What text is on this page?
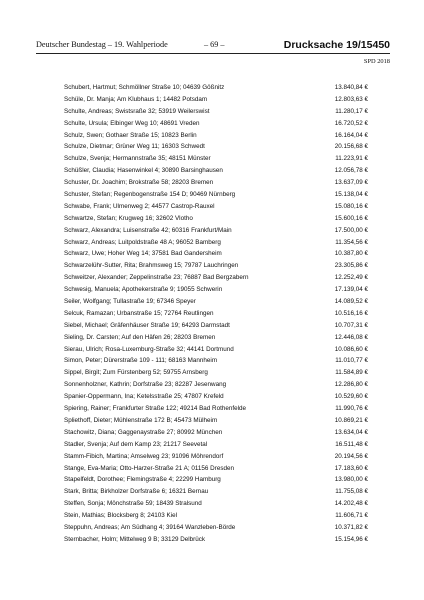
Deutscher Bundestag – 19. Wahlperiode	– 69 –	Drucksache 19/15450
SPD 2018
Schubert, Hartmut; Schmöllner Straße 10; 04639 Gößnitz	13.840,84 €
Schüle, Dr. Manja; Am Klubhaus 1; 14482 Potsdam	12.803,63 €
Schulte, Andreas; Swistsraße 32; 53919 Weilerswist	11.280,17 €
Schulte, Ursula; Elbinger Weg 10; 48691 Vreden	16.720,52 €
Schulz, Swen; Gothaer Straße 15; 10823 Berlin	16.164,04 €
Schulze, Dietmar; Grüner Weg 11; 16303 Schwedt	20.156,68 €
Schulze, Svenja; Hermannstraße 35; 48151 Münster	11.223,91 €
Schüßler, Claudia; Hasenwinkel 4; 30890 Barsinghausen	12.056,78 €
Schuster, Dr. Joachim; Brokstraße 58; 28203 Bremen	13.637,09 €
Schuster, Stefan; Regenbogenstraße 154 D; 90469 Nürnberg	15.138,04 €
Schwabe, Frank; Ulmenweg 2; 44577 Castrop-Rauxel	15.080,16 €
Schwartze, Stefan; Krugweg 16; 32602 Vlotho	15.600,16 €
Schwarz, Alexandra; Luisenstraße 42; 60316 Frankfurt/Main	17.500,00 €
Schwarz, Andreas; Luitpoldstraße 48 A; 96052 Bamberg	11.354,56 €
Schwarz, Uwe; Hoher Weg 14; 37581 Bad Gandersheim	10.387,80 €
Schwarzelühr-Sutter, Rita; Brahmsweg 15; 79787 Lauchringen	23.305,86 €
Schweitzer, Alexander; Zeppelinstraße 23; 76887 Bad Bergzabern	12.252,49 €
Schwesig, Manuela; Apothekerstraße 9; 19055 Schwerin	17.139,04 €
Seiler, Wolfgang; Tullastraße 19; 67346 Speyer	14.089,52 €
Selcuk, Ramazan; Urbanstraße 15; 72764 Reutlingen	10.516,16 €
Siebel, Michael; Gräfenhäuser Straße 19; 64293 Darmstadt	10.707,31 €
Sieling, Dr. Carsten; Auf den Häfen 26; 28203 Bremen	12.446,08 €
Sierau, Ulrich; Rosa-Luxemburg-Straße 32; 44141 Dortmund	10.086,60 €
Simon, Peter; Dürerstraße 109 - 111; 68163 Mannheim	11.010,77 €
Sippel, Birgit; Zum Fürstenberg 52; 59755 Arnsberg	11.584,89 €
Sonnenholzner, Kathrin; Dorfstraße 23; 82287 Jesenwang	12.286,80 €
Spanier-Oppermann, Ina; Ketelsstraße 25; 47807 Krefeld	10.529,60 €
Spiering, Rainer; Frankfurter Straße 122; 49214 Bad Rothenfelde	11.990,76 €
Spliethoff, Dieter; Mühlenstraße 172 B; 45473 Mülheim	10.869,21 €
Stachowitz, Diana; Gaggenaystraße 27; 80992 München	13.634,04 €
Stadler, Svenja; Auf dem Kamp 23; 21217 Seevetal	16.511,48 €
Stamm-Fibich, Martina; Amselweg 23; 91096 Möhrendorf	20.194,56 €
Stange, Eva-Maria; Otto-Harzer-Straße 21 A; 01156 Dresden	17.183,60 €
Stapelfeldt, Dorothee; Flemingstraße 4; 22299 Hamburg	13.980,00 €
Stark, Britta; Birkholzer Dorfstraße 6; 16321 Bernau	11.755,08 €
Steffen, Sonja; Mönchstraße 59; 18439 Stralsund	14.202,48 €
Stein, Mathias; Blocksberg 8; 24103 Kiel	11.606,71 €
Steppuhn, Andreas; Am Südhang 4; 39164 Wanzleben-Börde	10.371,82 €
Sternbacher, Holm; Mittelweg 9 B; 33129 Delbrück	15.154,96 €
